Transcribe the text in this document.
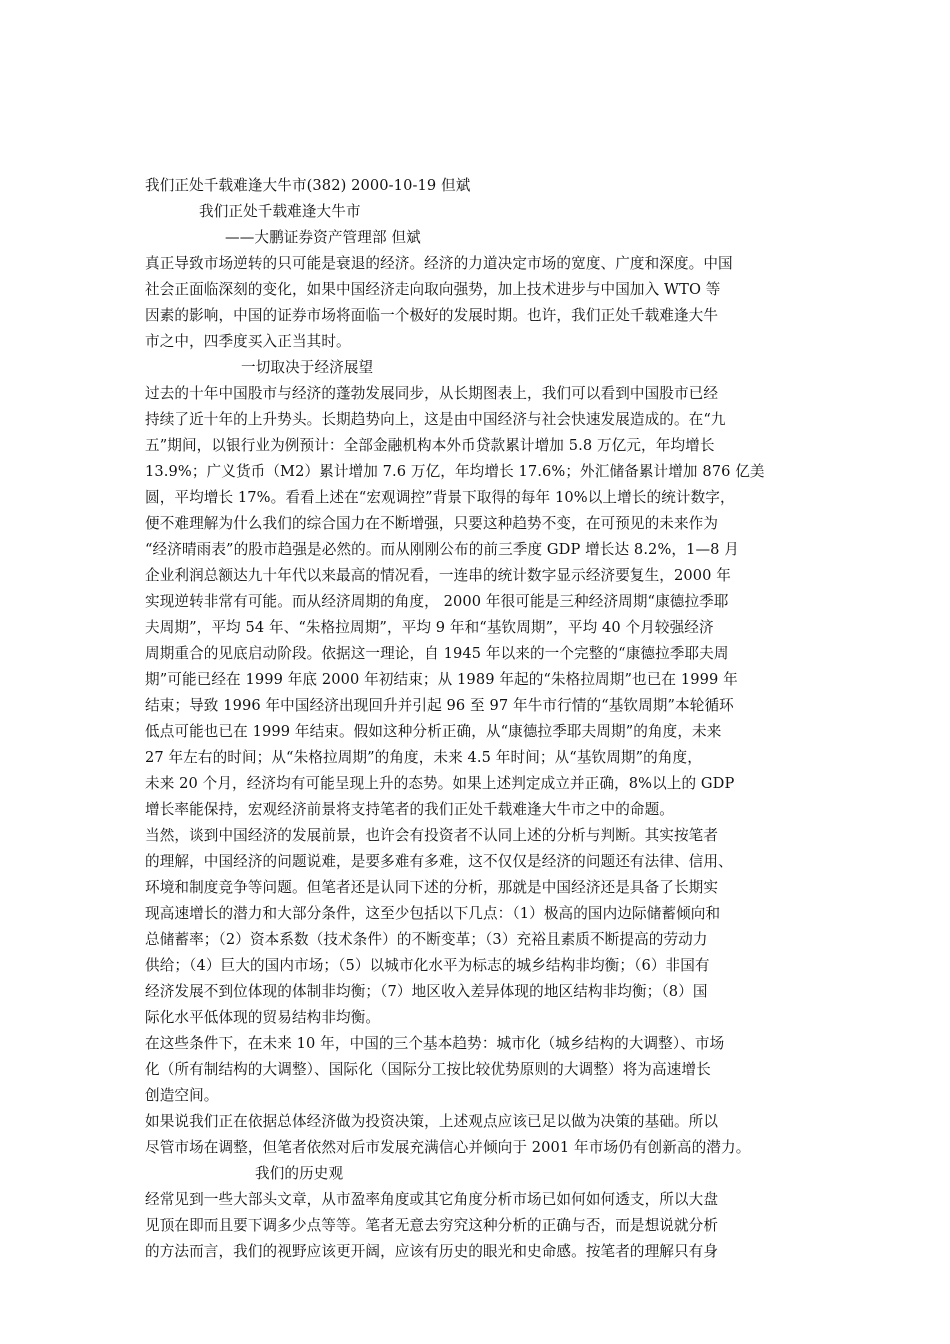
我们正处千载难逢大牛市(382) 2000-10-19 但斌
我们正处千载难逢大牛市
——大鹏证券资产管理部 但斌
真正导致市场逆转的只可能是衰退的经济。经济的力道决定市场的宽度、广度和深度。中国
社会正面临深刻的变化，如果中国经济走向取向强势，加上技术进步与中国加入 WTO 等
因素的影响，中国的证券市场将面临一个极好的发展时期。也许，我们正处千载难逢大牛
市之中，四季度买入正当其时。
一切取决于经济展望
过去的十年中国股市与经济的蓬勃发展同步，从长期图表上，我们可以看到中国股市已经
持续了近十年的上升势头。长期趋势向上，这是由中国经济与社会快速发展造成的。在“九
五”期间，以银行业为例预计：全部金融机构本外币贷款累计增加 5.8 万亿元，年均增长
13.9%；广义货币（M2）累计增加 7.6 万亿，年均增长 17.6%；外汇储备累计增加 876 亿美
圆，平均增长 17%。看看上述在“宏观调控”背景下取得的每年 10%以上增长的统计数字，
便不难理解为什么我们的综合国力在不断增强，只要这种趋势不变，在可预见的未来作为
“经济晴雨表”的股市趋强是必然的。而从刚刚公布的前三季度 GDP 增长达 8.2%，1—8 月
企业利润总额达九十年代以来最高的情况看，一连串的统计数字显示经济要复生，2000 年
实现逆转非常有可能。而从经济周期的角度， 2000 年很可能是三种经济周期“康德拉季耶
夫周期”，平均 54 年、“朱格拉周期”，平均 9 年和“基钦周期”，平均 40 个月较强经济
周期重合的见底启动阶段。依据这一理论，自 1945 年以来的一个完整的“康德拉季耶夫周
期”可能已经在 1999 年底 2000 年初结束；从 1989 年起的“朱格拉周期”也已在 1999 年
结束；导致 1996 年中国经济出现回升并引起 96 至 97 年牛市行情的“基钦周期”本轮循环
低点可能也已在 1999 年结束。假如这种分析正确，从“康德拉季耶夫周期”的角度，未来
27 年左右的时间；从“朱格拉周期”的角度，未来 4.5 年时间；从“基钦周期”的角度，
未来 20 个月，经济均有可能呈现上升的态势。如果上述判定成立并正确，8%以上的 GDP
增长率能保持，宏观经济前景将支持笔者的我们正处千载难逢大牛市之中的命题。
当然，谈到中国经济的发展前景，也许会有投资者不认同上述的分析与判断。其实按笔者
的理解，中国经济的问题说难，是要多难有多难，这不仅仅是经济的问题还有法律、信用、
环境和制度竞争等问题。但笔者还是认同下述的分析，那就是中国经济还是具备了长期实
现高速增长的潜力和大部分条件，这至少包括以下几点：（1）极高的国内边际储蓄倾向和
总储蓄率；（2）资本系数（技术条件）的不断变革；（3）充裕且素质不断提高的劳动力
供给；（4）巨大的国内市场；（5）以城市化水平为标志的城乡结构非均衡；（6）非国有
经济发展不到位体现的体制非均衡；（7）地区收入差异体现的地区结构非均衡；（8）国
际化水平低体现的贸易结构非均衡。
在这些条件下，在未来 10 年，中国的三个基本趋势：城市化（城乡结构的大调整）、市场
化（所有制结构的大调整）、国际化（国际分工按比较优势原则的大调整）将为高速增长
创造空间。
如果说我们正在依据总体经济做为投资决策，上述观点应该已足以做为决策的基础。所以
尽管市场在调整，但笔者依然对后市发展充满信心并倾向于 2001 年市场仍有创新高的潜力。
我们的历史观
经常见到一些大部头文章，从市盈率角度或其它角度分析市场已如何如何透支，所以大盘
见顶在即而且要下调多少点等等。笔者无意去穷究这种分析的正确与否，而是想说就分析
的方法而言，我们的视野应该更开阔，应该有历史的眼光和史命感。按笔者的理解只有身
